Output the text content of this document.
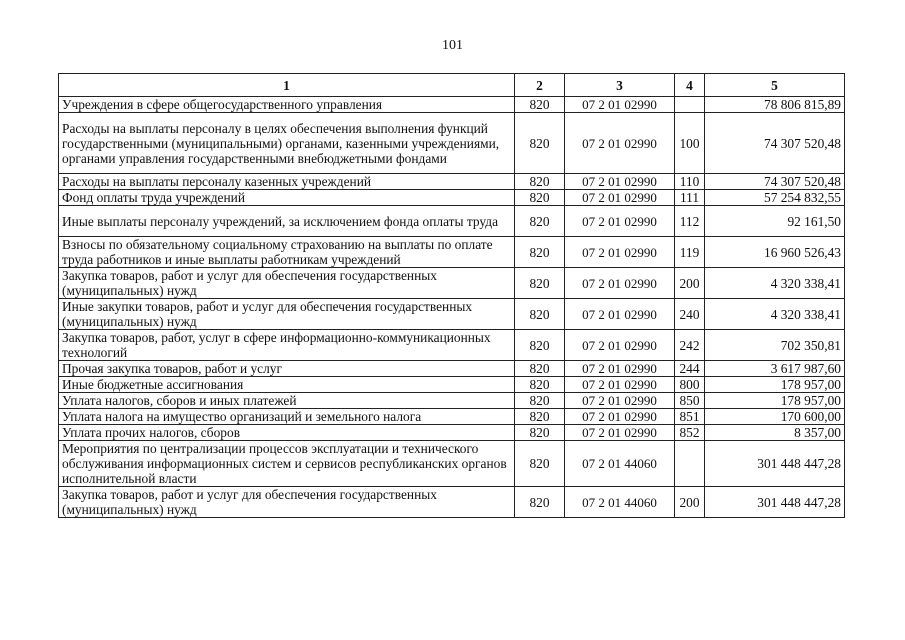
101
1	2	3	4	5
Учреждения в сфере общегосударственного управления	820	07 2 01 02990		78 806 815,89
Расходы на выплаты персоналу в целях обеспечения выполнения функций государственными (муниципальными) органами, казенными учреждениями, органами управления государственными внебюджетными фондами	820	07 2 01 02990	100	74 307 520,48
Расходы на выплаты персоналу казенных учреждений	820	07 2 01 02990	110	74 307 520,48
Фонд оплаты труда учреждений	820	07 2 01 02990	111	57 254 832,55
Иные выплаты персоналу учреждений, за исключением фонда оплаты труда	820	07 2 01 02990	112	92 161,50
Взносы по обязательному социальному страхованию на выплаты по оплате труда работников и иные выплаты работникам учреждений	820	07 2 01 02990	119	16 960 526,43
Закупка товаров, работ и услуг для обеспечения государственных (муниципальных) нужд	820	07 2 01 02990	200	4 320 338,41
Иные закупки товаров, работ и услуг для обеспечения государственных (муниципальных) нужд	820	07 2 01 02990	240	4 320 338,41
Закупка товаров, работ, услуг в сфере информационно-коммуникационных технологий	820	07 2 01 02990	242	702 350,81
Прочая закупка товаров, работ и услуг	820	07 2 01 02990	244	3 617 987,60
Иные бюджетные ассигнования	820	07 2 01 02990	800	178 957,00
Уплата налогов, сборов и иных платежей	820	07 2 01 02990	850	178 957,00
Уплата налога на имущество организаций и земельного налога	820	07 2 01 02990	851	170 600,00
Уплата прочих налогов, сборов	820	07 2 01 02990	852	8 357,00
Мероприятия по централизации процессов эксплуатации и технического обслуживания информационных систем и сервисов республиканских органов исполнительной власти	820	07 2 01 44060		301 448 447,28
Закупка товаров, работ и услуг для обеспечения государственных (муниципальных) нужд	820	07 2 01 44060	200	301 448 447,28
